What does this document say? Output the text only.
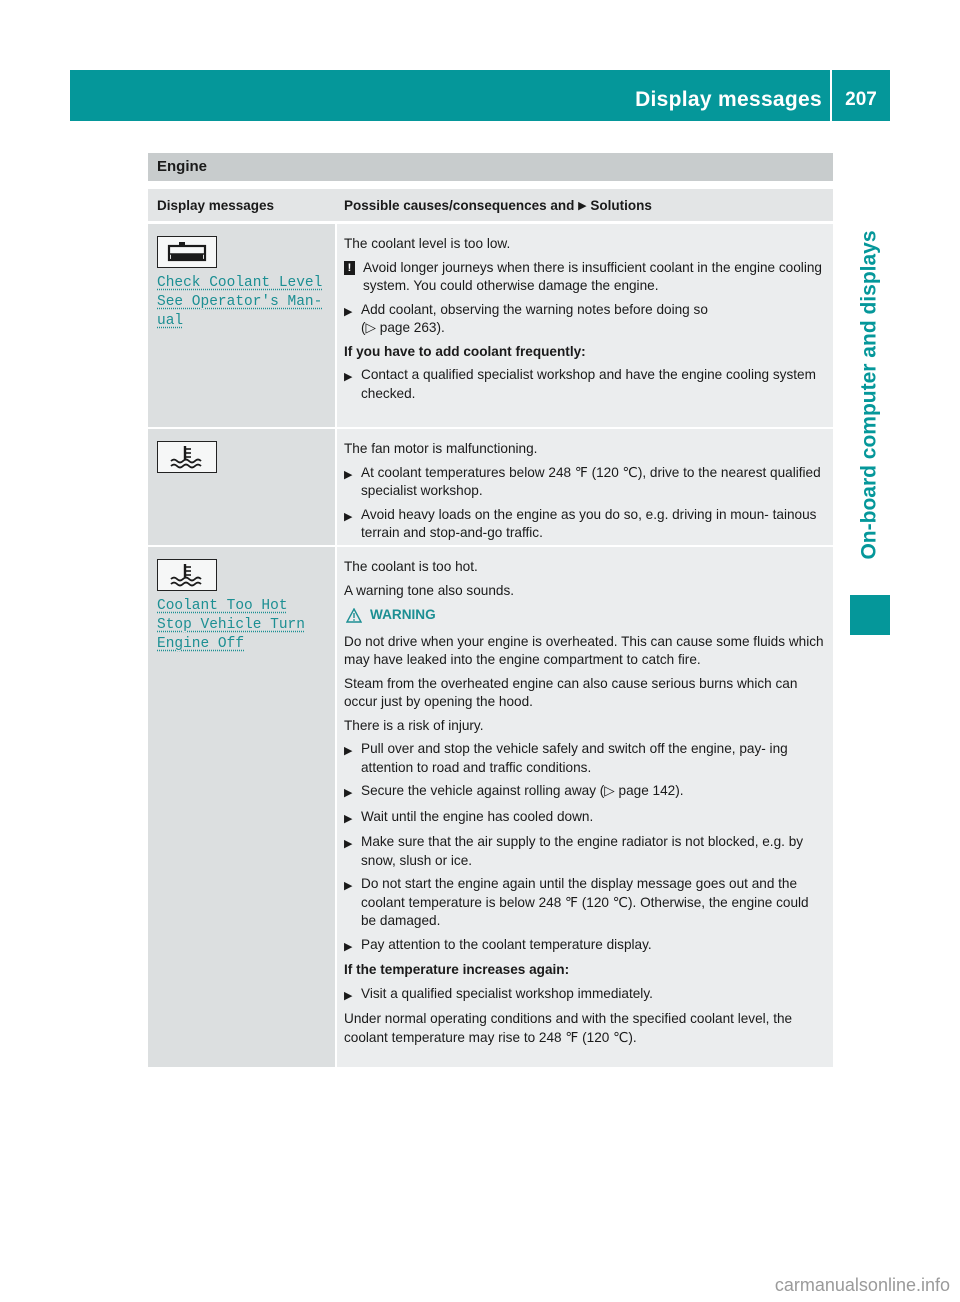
Display messages	207
On-board computer and displays
Engine
Display messages	Possible causes/consequences and ▶ Solutions
Check Coolant Level
See Operator's Man‐
ual

The coolant level is too low.

! Avoid longer journeys when there is insufficient coolant in the engine cooling system. You could otherwise damage the engine.
▶ Add coolant, observing the warning notes before doing so
(▷ page 263).

If you have to add coolant frequently:

▶ Contact a qualified specialist workshop and have the engine cooling system checked.

The fan motor is malfunctioning.

▶ At coolant temperatures below 248 ℉ (120 ℃), drive to the nearest qualified specialist workshop.
▶ Avoid heavy loads on the engine as you do so, e.g. driving in moun‐ tainous terrain and stop-and-go traffic.
Coolant Too Hot
Stop Vehicle Turn
Engine Off

The coolant is too hot.

A warning tone also sounds.

WARNING

Do not drive when your engine is overheated. This can cause some fluids which may have leaked into the engine compartment to catch fire.

Steam from the overheated engine can also cause serious burns which can occur just by opening the hood.

There is a risk of injury.

▶ Pull over and stop the vehicle safely and switch off the engine, pay‐ ing attention to road and traffic conditions.
▶ Secure the vehicle against rolling away (▷ page 142).
▶ Wait until the engine has cooled down.
▶ Make sure that the air supply to the engine radiator is not blocked, e.g. by snow, slush or ice.
▶ Do not start the engine again until the display message goes out and the coolant temperature is below 248 ℉ (120 ℃). Otherwise, the engine could be damaged.
▶ Pay attention to the coolant temperature display.

If the temperature increases again:

▶ Visit a qualified specialist workshop immediately.

Under normal operating conditions and with the specified coolant level, the coolant temperature may rise to 248 ℉ (120 ℃).

carmanualsonline.info
